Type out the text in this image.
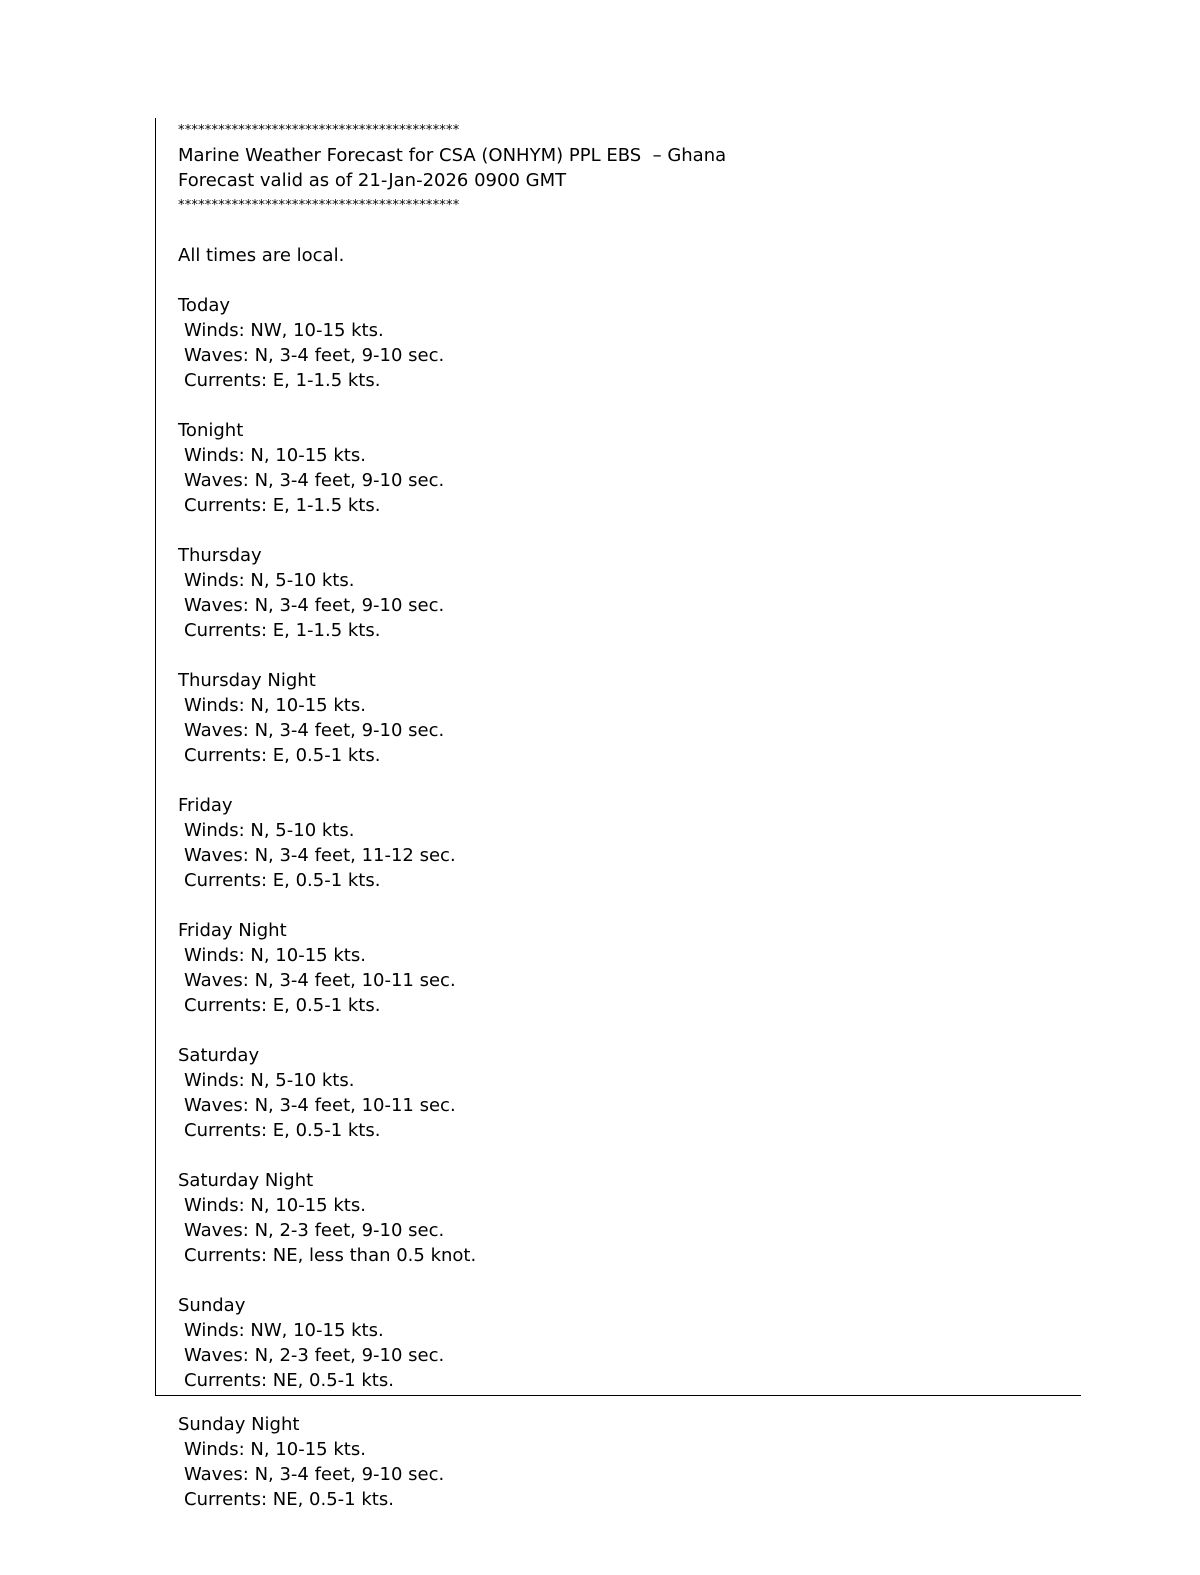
******************************************
Marine Weather Forecast for CSA (ONHYM) PPL EBS  – Ghana
Forecast valid as of 21-Jan-2026 0900 GMT
******************************************
All times are local.
Today
Winds: NW, 10-15 kts.
Waves: N, 3-4 feet, 9-10 sec.
Currents: E, 1-1.5 kts.
Tonight
Winds: N, 10-15 kts.
Waves: N, 3-4 feet, 9-10 sec.
Currents: E, 1-1.5 kts.
Thursday
Winds: N, 5-10 kts.
Waves: N, 3-4 feet, 9-10 sec.
Currents: E, 1-1.5 kts.
Thursday Night
Winds: N, 10-15 kts.
Waves: N, 3-4 feet, 9-10 sec.
Currents: E, 0.5-1 kts.
Friday
Winds: N, 5-10 kts.
Waves: N, 3-4 feet, 11-12 sec.
Currents: E, 0.5-1 kts.
Friday Night
Winds: N, 10-15 kts.
Waves: N, 3-4 feet, 10-11 sec.
Currents: E, 0.5-1 kts.
Saturday
Winds: N, 5-10 kts.
Waves: N, 3-4 feet, 10-11 sec.
Currents: E, 0.5-1 kts.
Saturday Night
Winds: N, 10-15 kts.
Waves: N, 2-3 feet, 9-10 sec.
Currents: NE, less than 0.5 knot.
Sunday
Winds: NW, 10-15 kts.
Waves: N, 2-3 feet, 9-10 sec.
Currents: NE, 0.5-1 kts.
Sunday Night
Winds: N, 10-15 kts.
Waves: N, 3-4 feet, 9-10 sec.
Currents: NE, 0.5-1 kts.
